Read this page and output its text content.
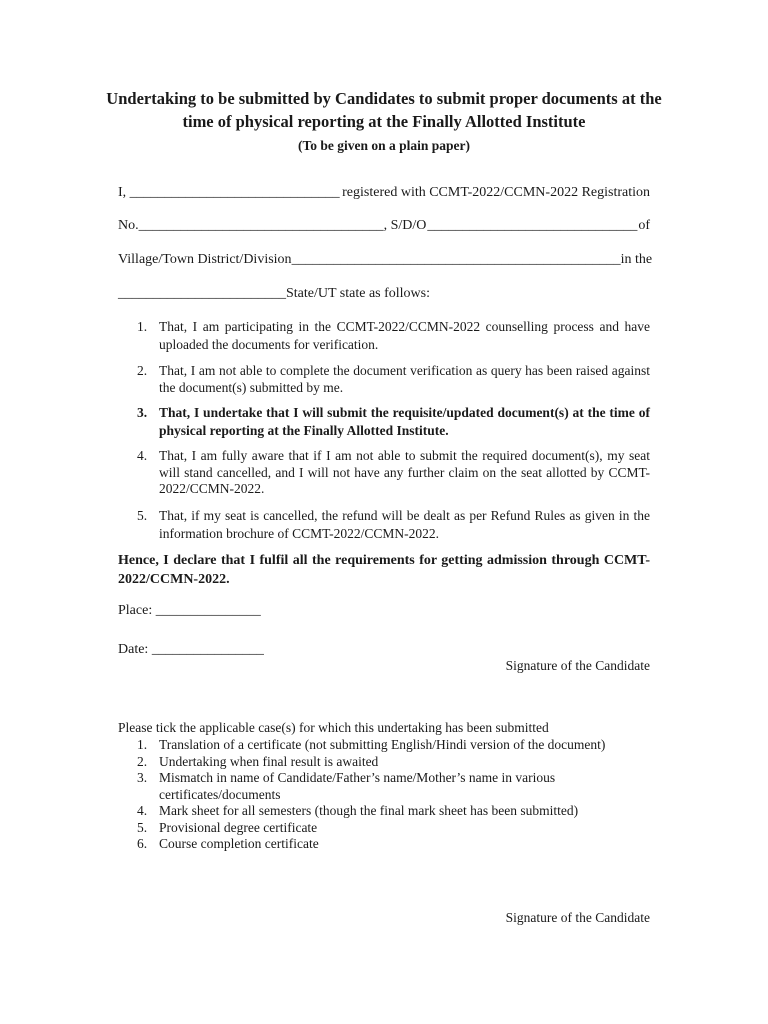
Undertaking to be submitted by Candidates to submit proper documents at the time of physical reporting at the Finally Allotted Institute

(To be given on a plain paper)

I, ______________________________ registered with CCMT-2022/CCMN-2022 Registration
No.___________________________________, S/D/O ______________________________ of
Village/Town District/Division _______________________________________________ in the
________________________State/UT state as follows:
1. That, I am participating in the CCMT-2022/CCMN-2022 counselling process and have uploaded the documents for verification.
2. That, I am not able to complete the document verification as query has been raised against the document(s) submitted by me.
3. That, I undertake that I will submit the requisite/updated document(s) at the time of physical reporting at the Finally Allotted Institute.
4. That, I am fully aware that if I am not able to submit the required document(s), my seat will stand cancelled, and I will not have any further claim on the seat allotted by CCMT-2022/CCMN-2022.
5. That, if my seat is cancelled, the refund will be dealt as per Refund Rules as given in the information brochure of CCMT-2022/CCMN-2022.

Hence, I declare that I fulfil all the requirements for getting admission through CCMT-2022/CCMN-2022.

Place: _______________
Date: ________________
Signature of the Candidate
Please tick the applicable case(s) for which this undertaking has been submitted
1. Translation of a certificate (not submitting English/Hindi version of the document)
2. Undertaking when final result is awaited
3. Mismatch in name of Candidate/Father’s name/Mother’s name in various certificates/documents
4. Mark sheet for all semesters (though the final mark sheet has been submitted)
5. Provisional degree certificate
6. Course completion certificate
Signature of the Candidate
